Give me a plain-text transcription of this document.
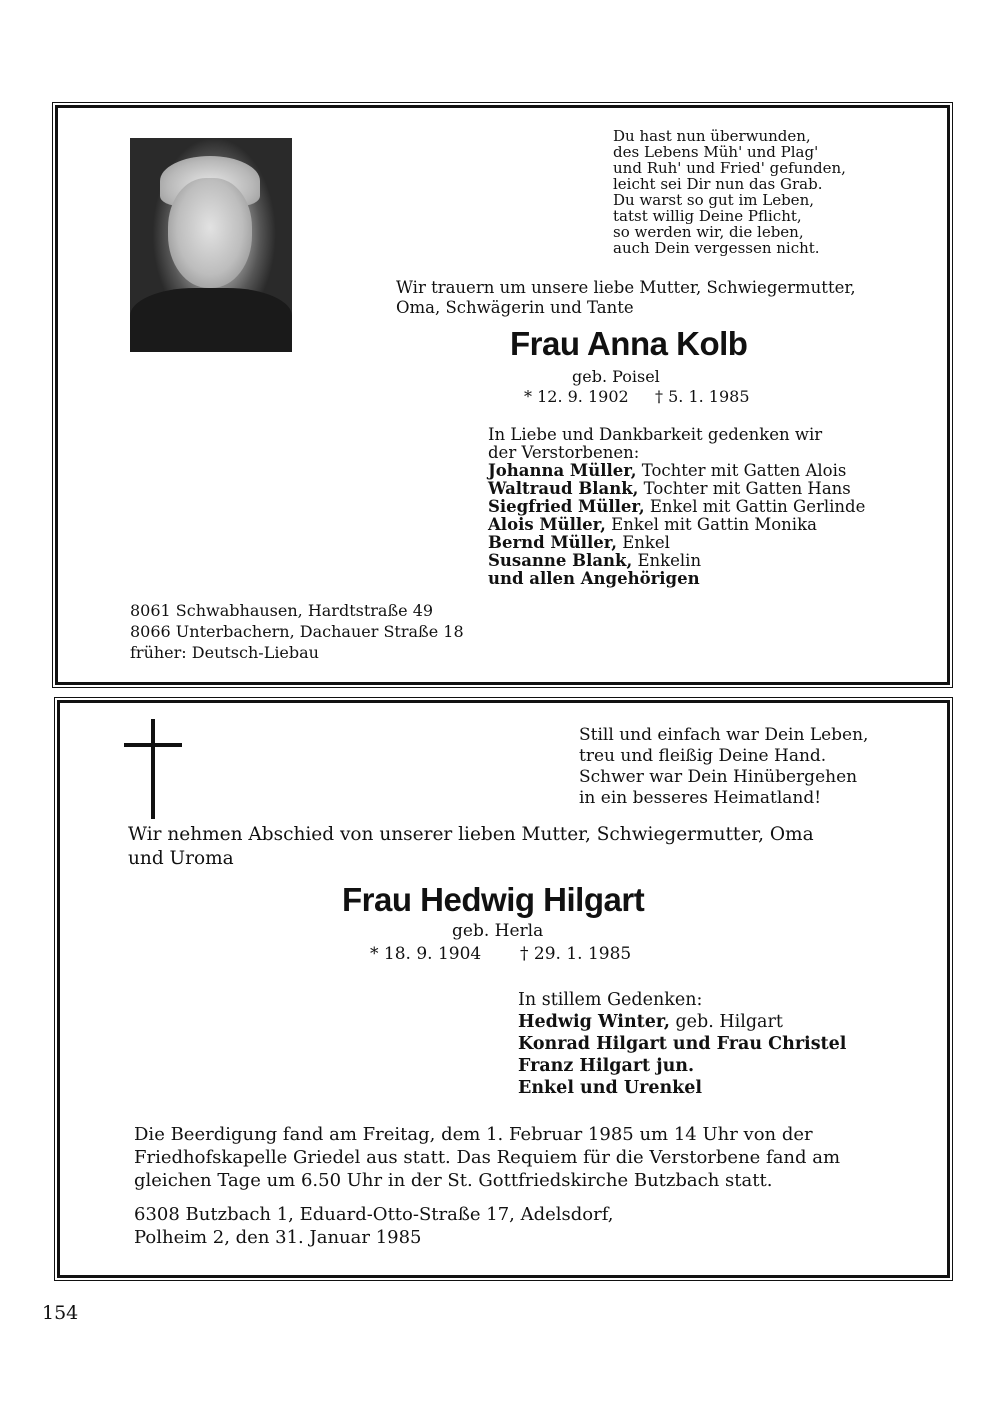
Du hast nun überwunden,
des Lebens Müh' und Plag'
und Ruh' und Fried' gefunden,
leicht sei Dir nun das Grab.
Du warst so gut im Leben,
tatst willig Deine Pflicht,
so werden wir, die leben,
auch Dein vergessen nicht.
Wir trauern um unsere liebe Mutter, Schwiegermutter,
Oma, Schwägerin und Tante
Frau Anna Kolb
geb. Poisel
* 12. 9. 1902 † 5. 1. 1985
In Liebe und Dankbarkeit gedenken wir
der Verstorbenen:
Johanna Müller, Tochter mit Gatten Alois
Waltraud Blank, Tochter mit Gatten Hans
Siegfried Müller, Enkel mit Gattin Gerlinde
Alois Müller, Enkel mit Gattin Monika
Bernd Müller, Enkel
Susanne Blank, Enkelin
und allen Angehörigen
8061 Schwabhausen, Hardtstraße 49
8066 Unterbachern, Dachauer Straße 18
früher: Deutsch-Liebau
Still und einfach war Dein Leben,
treu und fleißig Deine Hand.
Schwer war Dein Hinübergehen
in ein besseres Heimatland!
Wir nehmen Abschied von unserer lieben Mutter, Schwiegermutter, Oma
und Uroma
Frau Hedwig Hilgart
geb. Herla
* 18. 9. 1904 † 29. 1. 1985
In stillem Gedenken:
Hedwig Winter, geb. Hilgart
Konrad Hilgart und Frau Christel
Franz Hilgart jun.
Enkel und Urenkel
Die Beerdigung fand am Freitag, dem 1. Februar 1985 um 14 Uhr von der
Friedhofskapelle Griedel aus statt. Das Requiem für die Verstorbene fand am
gleichen Tage um 6.50 Uhr in der St. Gottfriedskirche Butzbach statt.
6308 Butzbach 1, Eduard-Otto-Straße 17, Adelsdorf,
Polheim 2, den 31. Januar 1985
154
